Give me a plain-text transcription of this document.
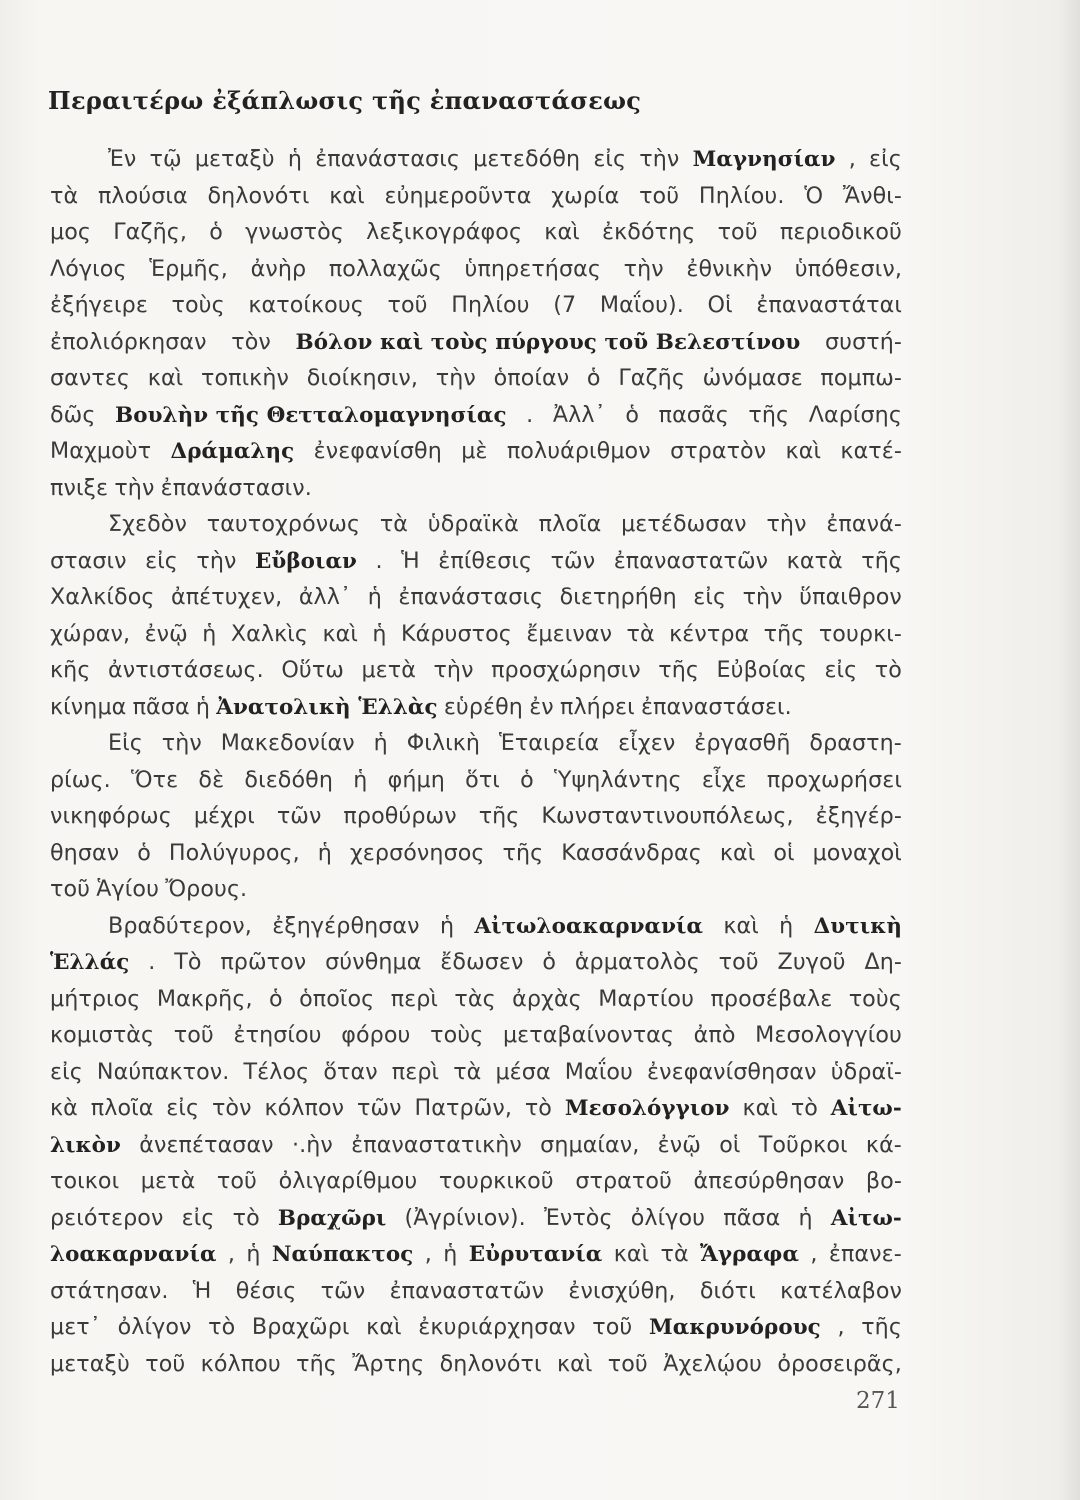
Περαιτέρω ἐξάπλωσις τῆς ἐπαναστάσεως
Ἐν τῷ μεταξὺ ἡ ἐπανάστασις μετεδόθη εἰς τὴν Μαγνησίαν , εἰς
τὰ πλούσια δηλονότι καὶ εὐημεροῦντα χωρία τοῦ Πηλίου. Ὁ Ἄνθι-
μος Γαζῆς, ὁ γνωστὸς λεξικογράφος καὶ ἐκδότης τοῦ περιοδικοῦ
Λόγιος Ἑρμῆς, ἀνὴρ πολλαχῶς ὑπηρετήσας τὴν ἐθνικὴν ὑπόθεσιν,
ἐξήγειρε τοὺς κατοίκους τοῦ Πηλίου (7 Μαΐου). Οἱ ἐπαναστάται
ἐπολιόρκησαν τὸν Βόλον καὶ τοὺς πύργους τοῦ Βελεστίνου συστή-
σαντες καὶ τοπικὴν διοίκησιν, τὴν ὁποίαν ὁ Γαζῆς ὠνόμασε πομπω-
δῶς Βουλὴν τῆς Θετταλομαγνησίας . Ἀλλ᾽ ὁ πασᾶς τῆς Λαρίσης
Μαχμοὺτ Δράμαλης ἐνεφανίσθη μὲ πολυάριθμον στρατὸν καὶ κατέ-
πνιξε τὴν ἐπανάστασιν.
Σχεδὸν ταυτοχρόνως τὰ ὑδραϊκὰ πλοῖα μετέδωσαν τὴν ἐπανά-
στασιν εἰς τὴν Εὔβοιαν . Ἡ ἐπίθεσις τῶν ἐπαναστατῶν κατὰ τῆς
Χαλκίδος ἀπέτυχεν, ἀλλ᾽ ἡ ἐπανάστασις διετηρήθη εἰς τὴν ὕπαιθρον
χώραν, ἐνῷ ἡ Χαλκὶς καὶ ἡ Κάρυστος ἔμειναν τὰ κέντρα τῆς τουρκι-
κῆς ἀντιστάσεως. Οὕτω μετὰ τὴν προσχώρησιν τῆς Εὐβοίας εἰς τὸ
κίνημα πᾶσα ἡ Ἀνατολικὴ Ἑλλὰς εὑρέθη ἐν πλήρει ἐπαναστάσει.
Εἰς τὴν Μακεδονίαν ἡ Φιλικὴ Ἑταιρεία εἶχεν ἐργασθῆ δραστη-
ρίως. Ὅτε δὲ διεδόθη ἡ φήμη ὅτι ὁ Ὑψηλάντης εἶχε προχωρήσει
νικηφόρως μέχρι τῶν προθύρων τῆς Κωνσταντινουπόλεως, ἐξηγέρ-
θησαν ὁ Πολύγυρος, ἡ χερσόνησος τῆς Κασσάνδρας καὶ οἱ μοναχοὶ
τοῦ Ἁγίου Ὄρους.
Βραδύτερον, ἐξηγέρθησαν ἡ Αἰτωλοακαρνανία καὶ ἡ Δυτικὴ
Ἑλλάς . Τὸ πρῶτον σύνθημα ἔδωσεν ὁ ἁρματολὸς τοῦ Ζυγοῦ Δη-
μήτριος Μακρῆς, ὁ ὁποῖος περὶ τὰς ἀρχὰς Μαρτίου προσέβαλε τοὺς
κομιστὰς τοῦ ἐτησίου φόρου τοὺς μεταβαίνοντας ἀπὸ Μεσολογγίου
εἰς Ναύπακτον. Τέλος ὅταν περὶ τὰ μέσα Μαΐου ἐνεφανίσθησαν ὑδραϊ-
κὰ πλοῖα εἰς τὸν κόλπον τῶν Πατρῶν, τὸ Μεσολόγγιον καὶ τὸ Αἰτω-
λικὸν ἀνεπέτασαν ·.ὴν ἐπαναστατικὴν σημαίαν, ἐνῷ οἱ Τοῦρκοι κά-
τοικοι μετὰ τοῦ ὀλιγαρίθμου τουρκικοῦ στρατοῦ ἀπεσύρθησαν βο-
ρειότερον εἰς τὸ Βραχῶρι (Ἀγρίνιον). Ἐντὸς ὀλίγου πᾶσα ἡ Αἰτω-
λοακαρνανία , ἡ Ναύπακτος , ἡ Εὐρυτανία καὶ τὰ Ἄγραφα , ἐπανε-
στάτησαν. Ἡ θέσις τῶν ἐπαναστατῶν ἐνισχύθη, διότι κατέλαβον
μετ᾽ ὀλίγον τὸ Βραχῶρι καὶ ἐκυριάρχησαν τοῦ Μακρυνόρους , τῆς
μεταξὺ τοῦ κόλπου τῆς Ἄρτης δηλονότι καὶ τοῦ Ἀχελῴου ὀροσειρᾶς,
271
